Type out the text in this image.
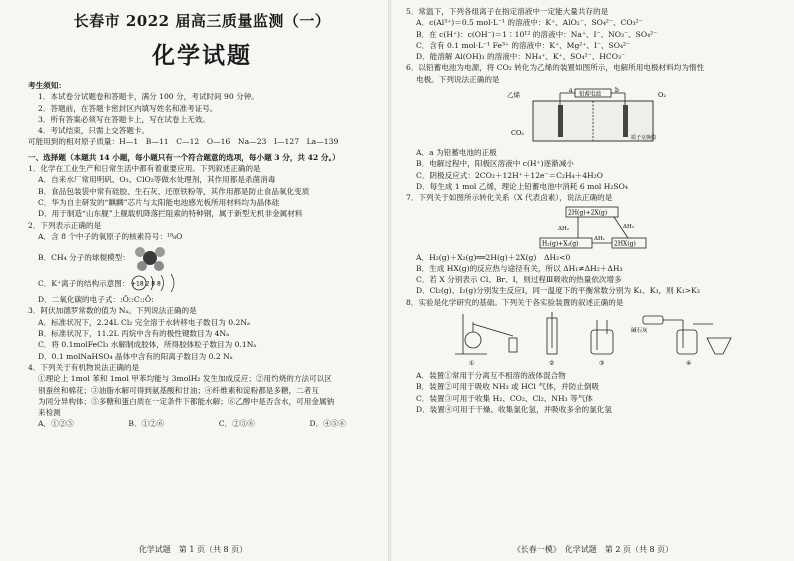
长春市 2022 届高三质量监测（一）
化学试题
考生须知：
1．本试卷分试题卷和答题卡，满分 100 分，考试时间 90 分钟。
2．答题前，在答题卡密封区内填写姓名和准考证号。
3．所有答案必须写在答题卡上，写在试卷上无效。
4．考试结束，只需上交答题卡。
可能用到的相对原子质量：H—1　B—11　C—12　O—16　Na—23　I—127　La—139
一、选择题（本题共 14 小题，每小题只有一个符合题意的选项，每小题 3 分，共 42 分。）
1．化学在工业生产和日常生活中都有着重要应用。下列叙述正确的是
A．自来水厂常用明矾、O₃、ClO₂等做水处理剂，其作用都是杀菌消毒
B．食品包装袋中常有硅胶、生石灰、还原铁粉等，其作用都是防止食品氧化变质
C．华为自主研发的“麒麟”芯片与太阳能电池感光板所用材料均为晶体硅
D．用于制造“山东舰”上舰载机降落拦阻索的特种钢，属于新型无机非金属材料
2．下列表示正确的是
A．含 8 个中子的氧原子的核素符号：¹⁸₈O
B．CH₄ 分子的球棍模型：
C．K⁺离子的结构示意图： +18 2 8 8
D．二氧化碳的电子式：:Ö::C::Ö:
3．阿伏加德罗常数的值为 Nₐ。下列说法正确的是
A．标准状况下，2.24L Cl₂ 完全溶于水转移电子数目为 0.2Nₐ
B．标准状况下，11.2L 丙烷中含有的极性键数目为 4Nₐ
C．将 0.1molFeCl₃ 水解制成胶体，所得胶体粒子数目为 0.1Nₐ
D．0.1 molNaHSO₄ 晶体中含有的阳离子数目为 0.2 Nₐ
4．下列关于有机物说法正确的是
①理论上 1mol 苯和 1mol 甲苯均能与 3molH₂ 发生加成反应；②用灼烧的方法可以区
别蚕丝和棉花；③油脂水解可得到氨基酸和甘油；④纤维素和淀粉都是多糖，二者互
为同分异构体；⑤多糖和蛋白质在一定条件下都能水解；⑥乙醇中是否含水，可用金属钠
来检测
A．①②⑤	B．①②⑥	C．②⑤⑥	D．④⑤⑥
化学试题　第 1 页（共 8 页）
5．常温下，下列各组离子在指定溶液中一定能大量共存的是
A．c(Al³⁺)＝0.5 mol·L⁻¹ 的溶液中：K⁺、AlO₂⁻、SO₄²⁻、CO₃²⁻
B．在 c(H⁺)：c(OH⁻)＝1∶10¹² 的溶液中：Na⁺、I⁻、NO₃⁻、SO₄²⁻
C．含有 0.1 mol·L⁻¹ Fe³⁺ 的溶液中：K⁺、Mg²⁺、I⁻、SO₄²⁻
D．能溶解 Al(OH)₃ 的溶液中：NH₄⁺、K⁺、SO₄²⁻、HCO₃⁻
6．以铅蓄电池为电源，将 CO₂ 转化为乙烯的装置如图所示，电解所用电极材料均为惰性
电极。下列说法正确的是
乙烯	铅蓄电池	O₂
CO₂
a	b
质子交换膜
A．a 为铅蓄电池的正极
B．电解过程中，阳极区溶液中 c(H⁺)逐渐减小
C．阴极反应式：2CO₂＋12H⁺＋12e⁻＝C₂H₄＋4H₂O
D．每生成 1 mol 乙烯，理论上铅蓄电池中消耗 6 mol H₂SO₄
7．下列关于如图所示转化关系（X 代表卤素），说法正确的是
2H(g)+2X(g)
H₂(g)+X₂(g)	2HX(g)
ΔH₂	ΔH₃
ΔH₁
A．H₂(g)＋X₂(g)══2H(g)＋2X(g)　ΔH₂<0
B．生成 HX(g)的反应热与途径有关，所以 ΔH₁≠ΔH₂＋ΔH₃
C．若 X 分别表示 Cl、Br、I，则过程Ⅲ吸收的热量依次增多
D．Cl₂(g)、I₂(g)分别发生反应Ⅰ，同一温度下的平衡常数分别为 K₁、K₃，则 K₁>K₃
8．实验是化学研究的基础。下列关于各实验装置的叙述正确的是
①	②	③
碱石灰
④
A．装置①常用于分离互不相溶的液体混合物
B．装置②可用于吸收 NH₃ 或 HCl 气体，并防止倒吸
C．装置③可用于收集 H₂、CO₂、Cl₂、NH₃ 等气体
D．装置④可用于干燥、收集氯化氢，并吸收多余的氯化氢
《长春一模》　化学试题　第 2 页（共 8 页）
